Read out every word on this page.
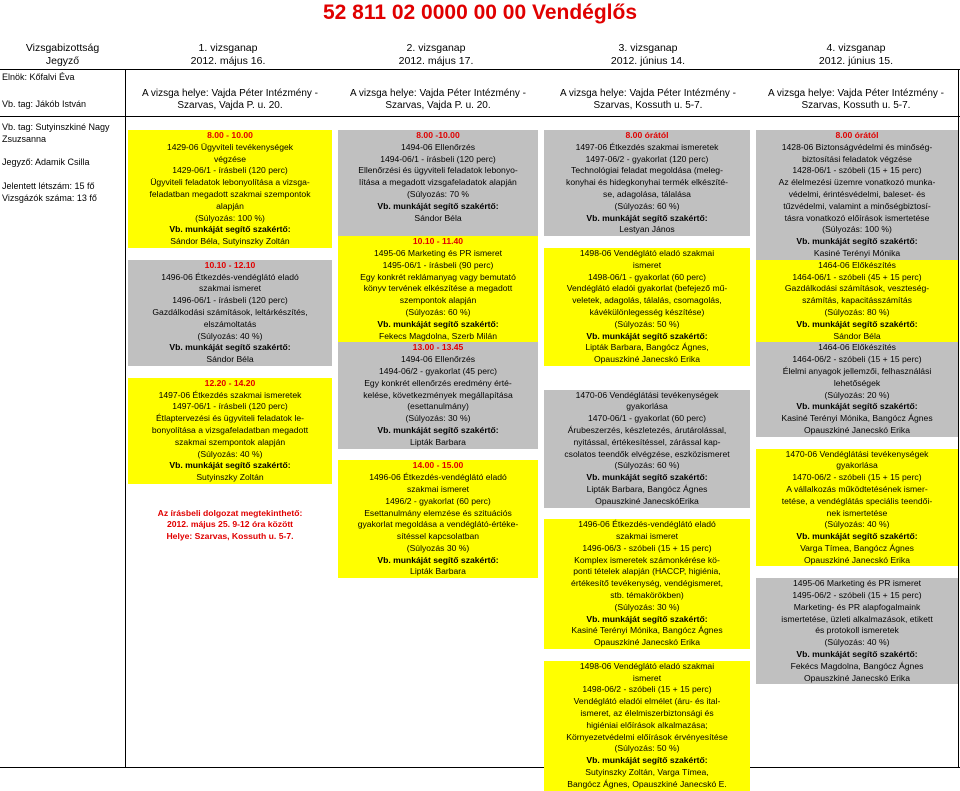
52 811 02 0000 00 00 Vendéglős
Vizsgabizottság
Jegyző
1. vizsganap
2012. május 16.
2. vizsganap
2012. május 17.
3. vizsganap
2012. június 14.
4. vizsganap
2012. június 15.
Elnök: Kőfalvi Éva
Vb. tag: Jákób István
Vb. tag: Sutyinszkiné Nagy
Zsuzsanna
Jegyző: Adamik Csilla
Jelentett létszám: 15 fő
Vizsgázók száma: 13 fő
A vizsga helye: Vajda Péter Intézmény -
Szarvas, Vajda P. u. 20.
A vizsga helye: Vajda Péter Intézmény -
Szarvas, Vajda P. u. 20.
A vizsga helye: Vajda Péter Intézmény -
Szarvas, Kossuth u. 5-7.
A vizsga helye: Vajda Péter Intézmény -
Szarvas, Kossuth u. 5-7.
8.00 - 10.00
1429-06 Ügyviteli tevékenységek
végzése
1429-06/1 - írásbeli (120 perc)
Ügyviteli feladatok lebonyolítása a vizsga-
feladatban megadott szakmai szempontok
alapján
(Súlyozás: 100 %)
Vb. munkáját segítő szakértő:
Sándor Béla, Sutyinszky Zoltán
10.10 - 12.10
1496-06 Étkezdés-vendéglátó eladó
szakmai ismeret
1496-06/1 - írásbeli (120 perc)
Gazdálkodási számítások, leltárkészítés,
elszámoltatás
(Súlyozás: 40 %)
Vb. munkáját segítő szakértő:
Sándor Béla
12.20 - 14.20
1497-06 Étkezdés szakmai ismeretek
1497-06/1 - írásbeli (120 perc)
Étlaptervezési és ügyviteli feladatok le-
bonyolítása a vizsgafeladatban megadott
szakmai szempontok alapján
(Súlyozás: 40 %)
Vb. munkáját segítő szakértő:
Sutyinszky Zoltán
Az írásbeli dolgozat megtekinthető:
2012. május 25. 9-12 óra között
Helye: Szarvas, Kossuth u. 5-7.
8.00 -10.00
1494-06 Ellenőrzés
1494-06/1 - írásbeli (120 perc)
Ellenőrzési és ügyviteli feladatok lebonyo-
lítása a megadott vizsgafeladatok alapján
(Súlyozás: 70 %
Vb. munkáját segítő szakértő:
Sándor Béla
10.10 - 11.40
1495-06 Marketing és PR ismeret
1495-06/1 - írásbeli (90 perc)
Egy konkrét reklámanyag vagy bemutató
könyv tervének elkészítése a megadott
szempontok alapján
(Súlyozás: 60 %)
Vb. munkáját segítő szakértő:
Fekecs Magdolna, Szerb Milán
13.00 - 13.45
1494-06 Ellenőrzés
1494-06/2 - gyakorlat (45 perc)
Egy konkrét ellenőrzés eredmény érté-
kelése, következmények megállapítása
(esettanulmány)
(Súlyozás: 30 %)
Vb. munkáját segítő szakértő:
Lipták Barbara
14.00 - 15.00
1496-06 Étkezdés-vendéglátó eladó
szakmai ismeret
1496/2 - gyakorlat (60 perc)
Esettanulmány elemzése és szituációs
gyakorlat megoldása a vendéglátó-értéke-
sítéssel kapcsolatban
(Súlyozás 30 %)
Vb. munkáját segítő szakértő:
Lipták Barbara
8.00 órától
1497-06 Étkezdés szakmai ismeretek
1497-06/2 - gyakorlat (120 perc)
Technológiai feladat megoldása (meleg-
konyhai és hidegkonyhai termék elkészíté-
se, adagolása, tálalása
(Súlyozás: 60 %)
Vb. munkáját segítő szakértő:
Lestyan János
1498-06 Vendéglátó eladó szakmai
ismeret
1498-06/1 - gyakorlat (60 perc)
Vendéglátó eladói gyakorlat (befejező mű-
veletek, adagolás, tálalás, csomagolás,
kávékülönlegesség készítése)
(Súlyozás: 50 %)
Vb. munkáját segítő szakértő:
Lipták Barbara, Bangócz Ágnes,
Opauszkiné Janecskó Erika
1470-06 Vendéglátási tevékenységek
gyakorlása
1470-06/1 - gyakorlat (60 perc)
Árubeszerzés, készletezés, árutárolással,
nyitással, értékesítéssel, zárással kap-
csolatos teendők elvégzése, eszközismeret
(Súlyozás: 60 %)
Vb. munkáját segítő szakértő:
Lipták Barbara, Bangócz Ágnes
Opauszkiné JanecskóErika
1496-06 Étkezdés-vendéglátó eladó
szakmai ismeret
1496-06/3 - szóbeli (15 + 15 perc)
Komplex ismeretek számonkérése kö-
ponti tételek alapján (HACCP, higiénia,
értékesítő tevékenység, vendégismeret,
stb. témakörökben)
(Súlyozás: 30 %)
Vb. munkáját segítő szakértő:
Kasiné Terényi Mónika, Bangócz Ágnes
Opauszkiné Janecskó Erika
1498-06 Vendéglátó eladó szakmai
ismeret
1498-06/2 - szóbeli (15 + 15 perc)
Vendéglátó eladói elmélet (áru- és ital-
ismeret, az élelmiszerbiztonsági és
higiéniai előírások alkalmazása;
Környezetvédelmi előírások érvényesítése
(Súlyozás: 50 %)
Vb. munkáját segítő szakértő:
Sutyinszky Zoltán, Varga Tímea,
Bangócz Ágnes, Opauszkiné Janecskó E.
8.00 órától
1428-06 Biztonságvédelmi és minőség-
biztosítási feladatok végzése
1428-06/1 - szóbeli (15 + 15 perc)
Az élelmezési üzemre vonatkozó munka-
védelmi, érintésvédelmi, baleset- és
tűzvédelmi, valamint a minőségbiztosí-
tásra vonatkozó előírások ismertetése
(Súlyozás: 100 %)
Vb. munkáját segítő szakértő:
Kasiné Terényi Mónika
1464-06 Előkészítés
1464-06/1 - szóbeli (45 + 15 perc)
Gazdálkodási számítások, veszteség-
számítás, kapacitásszámítás
(Súlyozás: 80 %)
Vb. munkáját segítő szakértő:
Sándor Béla
1464-06 Előkészítés
1464-06/2 - szóbeli (15 + 15 perc)
Élelmi anyagok jellemzői, felhasználási
lehetőségek
(Súlyozás: 20 %)
Vb. munkáját segítő szakértő:
Kasiné Terényi Mónika, Bangócz Ágnes
Opauszkiné Janecskó Erika
1470-06 Vendéglátási tevékenységek
gyakorlása
1470-06/2 - szóbeli (15 + 15 perc)
A vállalkozás működtetésének ismer-
tetése, a vendéglátás speciális teendői-
nek ismertetése
(Súlyozás: 40 %)
Vb. munkáját segítő szakértő:
Varga Tímea, Bangócz Ágnes
Opauszkiné Janecskó Erika
1495-06 Marketing és PR ismeret
1495-06/2 - szóbeli (15 + 15 perc)
Marketing- és PR alapfogalmaink
ismertetése, üzleti alkalmazások, etikett
és protokoll ismeretek
(Súlyozás: 40 %)
Vb. munkáját segítő szakértő:
Fekécs Magdolna, Bangócz Ágnes
Opauszkiné Janecskó Erika
